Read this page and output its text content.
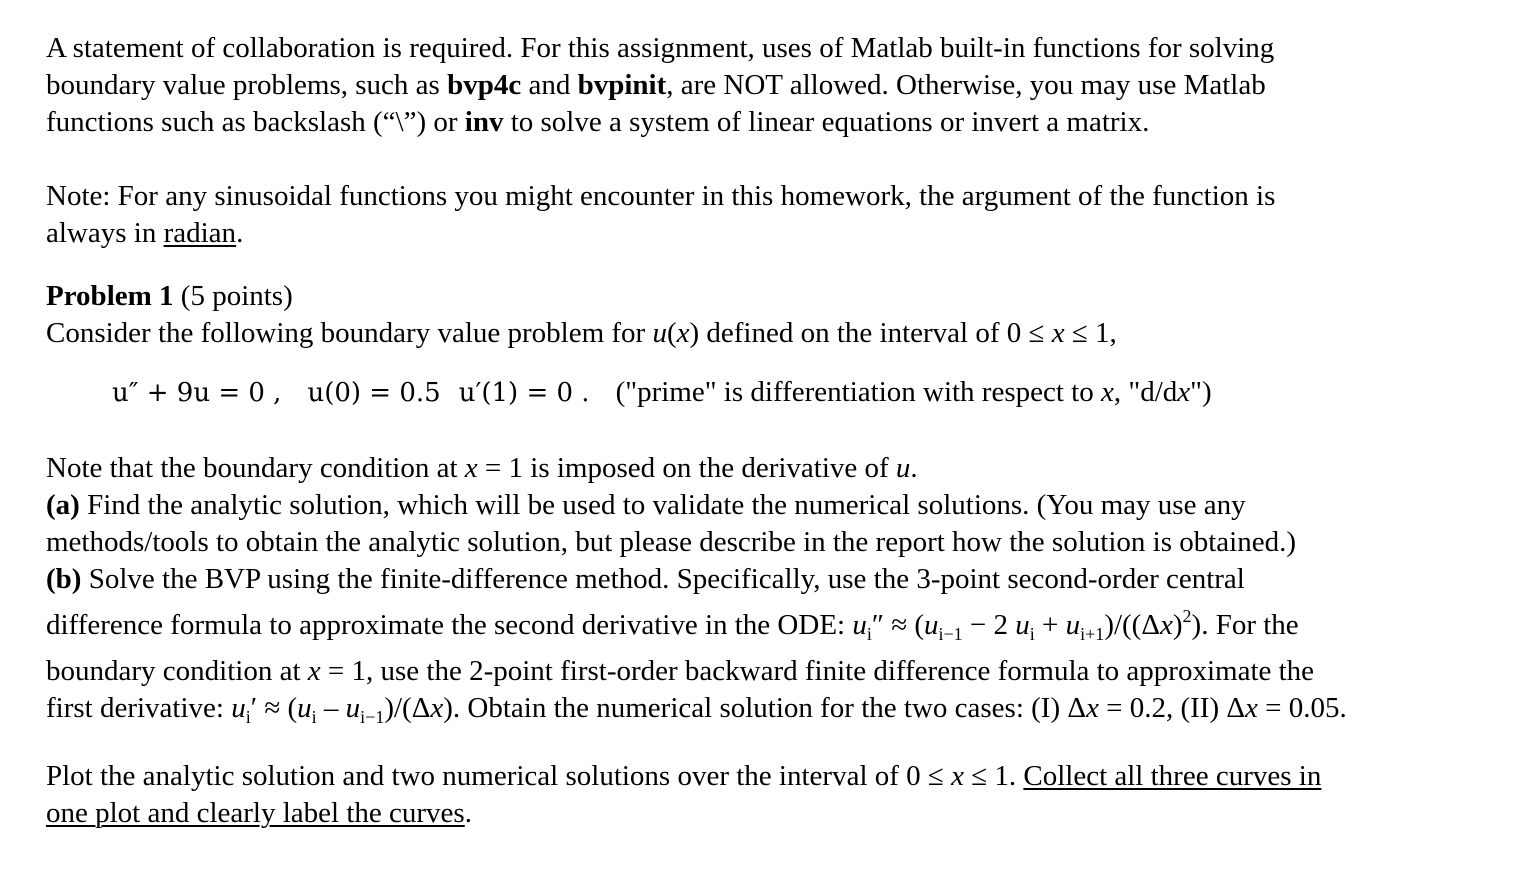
A statement of collaboration is required. For this assignment, uses of Matlab built-in functions for solving
boundary value problems, such as bvp4c and bvpinit, are NOT allowed. Otherwise, you may use Matlab
functions such as backslash (“\”) or inv to solve a system of linear equations or invert a matrix.

Note: For any sinusoidal functions you might encounter in this homework, the argument of the function is
always in radian.

Problem 1 (5 points)
Consider the following boundary value problem for u(x) defined on the interval of 0 ≤ x ≤ 1,

u″ + 9u = 0 , u(0) = 0.5 u′(1) = 0 . ("prime" is differentiation with respect to x, "d/dx")

Note that the boundary condition at x = 1 is imposed on the derivative of u.
(a) Find the analytic solution, which will be used to validate the numerical solutions. (You may use any
methods/tools to obtain the analytic solution, but please describe in the report how the solution is obtained.)
(b) Solve the BVP using the finite-difference method. Specifically, use the 3-point second-order central
difference formula to approximate the second derivative in the ODE: $u_i'' \approx (u_{i-1} - 2$ $u_i + u_{i+1})/((\Delta x)^2)$. For the
boundary condition at x = 1, use the 2-point first-order backward finite difference formula to approximate the
first derivative: $u_i' \approx (u_i - u_{i-1})/(\Delta x)$. Obtain the numerical solution for the two cases: (I) Δx = 0.2, (II) Δx = 0.05.

Plot the analytic solution and two numerical solutions over the interval of 0 ≤ x ≤ 1. Collect all three curves in
one plot and clearly label the curves.
